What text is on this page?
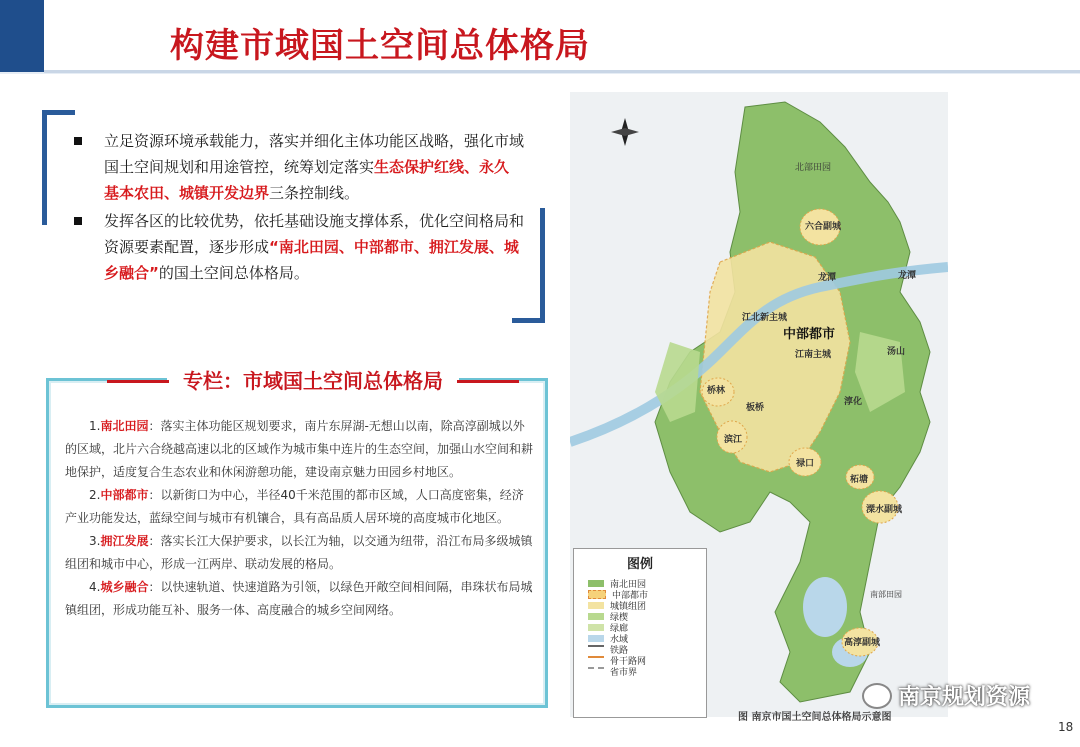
构建市域国土空间总体格局
立足资源环境承载能力，落实并细化主体功能区战略，强化市域国土空间规划和用途管控，统筹划定落实生态保护红线、永久基本农田、城镇开发边界三条控制线。
发挥各区的比较优势，依托基础设施支撑体系，优化空间格局和资源要素配置，逐步形成“南北田园、中部都市、拥江发展、城乡融合”的国土空间总体格局。
专栏：市域国土空间总体格局

1.南北田园：落实主体功能区规划要求，南片东屏湖-无想山以南，除高淳副城以外的区域，北片六合绕越高速以北的区域作为城市集中连片的生态空间，加强山水空间和耕地保护，适度复合生态农业和休闲游憩功能，建设南京魅力田园乡村地区。

2.中部都市：以新街口为中心，半径40千米范围的都市区域，人口高度密集，经济产业功能发达，蓝绿空间与城市有机镶合，具有高品质人居环境的高度城市化地区。

3.拥江发展：落实长江大保护要求，以长江为轴，以交通为纽带，沿江布局多级城镇组团和城市中心，形成一江两岸、联动发展的格局。

4.城乡融合：以快速轨道、快速道路为引领，以绿色开敞空间相间隔，串珠状布局城镇组团，形成功能互补、服务一体、高度融合的城乡空间网络。

北部田园
六合副城
龙潭	龙潭
江北新主城
中部都市
江南主城	汤山
桥林
板桥
淳化
滨江
禄口
柘塘
溧水副城
南部田园
高淳副城
图例
南北田园
中部都市
城镇组团
绿楔
绿廊
水域
铁路
骨干路网
省市界
图 南京市国土空间总体格局示意图
南京规划资源
18
